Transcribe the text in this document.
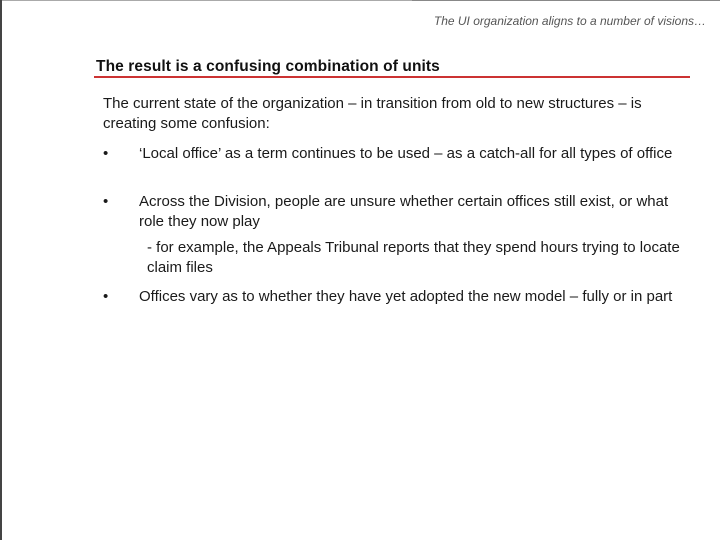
The UI organization aligns to a number of visions…
The result is a confusing combination of units
The current state of the organization – in transition from old to new structures – is creating some confusion:
•	‘Local office’ as a term continues to be used – as a catch-all for all types of office
•	Across the Division, people are unsure whether certain offices still exist, or what role they now play
- for example, the Appeals Tribunal reports that they spend hours trying to locate claim files
•	Offices vary as to whether they have yet adopted the new model – fully or in part
